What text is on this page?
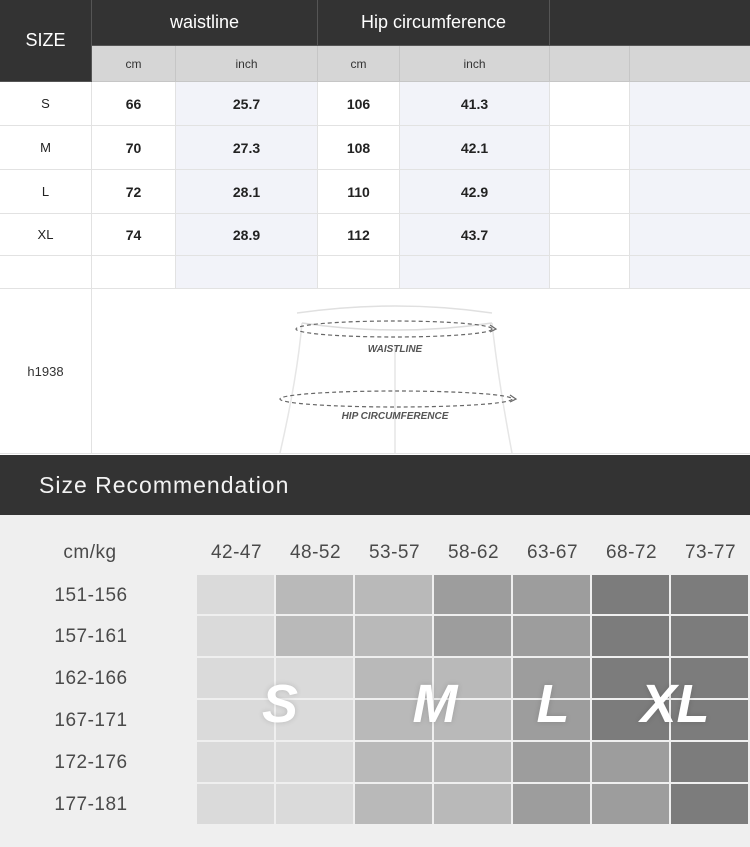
SIZE
waistline	Hip circumference
cm	inch	cm	inch
S	66	25.7	106	41.3
M	70	27.3	108	42.1
L	72	28.1	110	42.9
XL	74	28.9	112	43.7
h1938
WAISTLINE
HIP CIRCUMFERENCE
Size Recommendation
cm/kg	42-47	48-52	53-57	58-62	63-67	68-72	73-77
151-156
157-161
162-166
167-171
172-176
177-181
S	M	L	XL
